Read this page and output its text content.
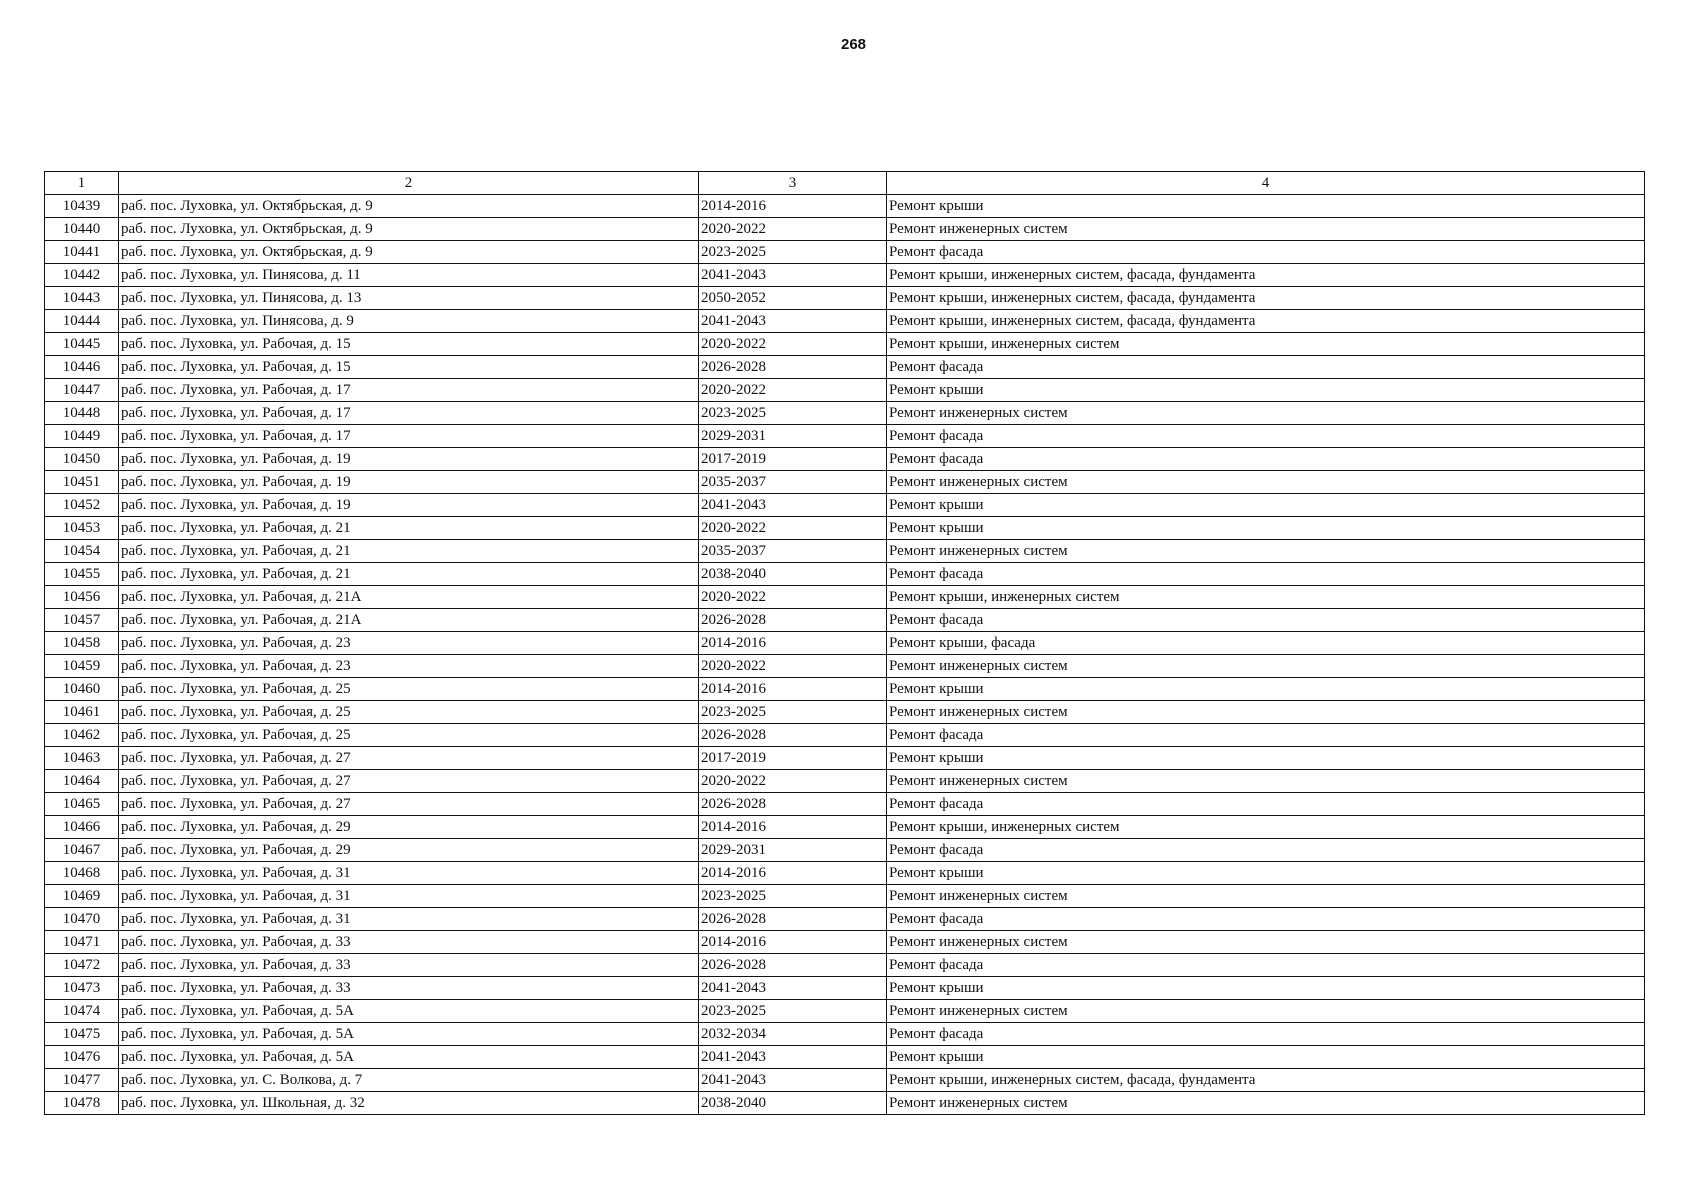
268
1	2	3	4
10439	раб. пос. Луховка, ул. Октябрьская, д. 9	2014-2016	Ремонт крыши
10440	раб. пос. Луховка, ул. Октябрьская, д. 9	2020-2022	Ремонт инженерных систем
10441	раб. пос. Луховка, ул. Октябрьская, д. 9	2023-2025	Ремонт фасада
10442	раб. пос. Луховка, ул. Пинясова, д. 11	2041-2043	Ремонт крыши, инженерных систем, фасада, фундамента
10443	раб. пос. Луховка, ул. Пинясова, д. 13	2050-2052	Ремонт крыши, инженерных систем, фасада, фундамента
10444	раб. пос. Луховка, ул. Пинясова, д. 9	2041-2043	Ремонт крыши, инженерных систем, фасада, фундамента
10445	раб. пос. Луховка, ул. Рабочая, д. 15	2020-2022	Ремонт крыши, инженерных систем
10446	раб. пос. Луховка, ул. Рабочая, д. 15	2026-2028	Ремонт фасада
10447	раб. пос. Луховка, ул. Рабочая, д. 17	2020-2022	Ремонт крыши
10448	раб. пос. Луховка, ул. Рабочая, д. 17	2023-2025	Ремонт инженерных систем
10449	раб. пос. Луховка, ул. Рабочая, д. 17	2029-2031	Ремонт фасада
10450	раб. пос. Луховка, ул. Рабочая, д. 19	2017-2019	Ремонт фасада
10451	раб. пос. Луховка, ул. Рабочая, д. 19	2035-2037	Ремонт инженерных систем
10452	раб. пос. Луховка, ул. Рабочая, д. 19	2041-2043	Ремонт крыши
10453	раб. пос. Луховка, ул. Рабочая, д. 21	2020-2022	Ремонт крыши
10454	раб. пос. Луховка, ул. Рабочая, д. 21	2035-2037	Ремонт инженерных систем
10455	раб. пос. Луховка, ул. Рабочая, д. 21	2038-2040	Ремонт фасада
10456	раб. пос. Луховка, ул. Рабочая, д. 21А	2020-2022	Ремонт крыши, инженерных систем
10457	раб. пос. Луховка, ул. Рабочая, д. 21А	2026-2028	Ремонт фасада
10458	раб. пос. Луховка, ул. Рабочая, д. 23	2014-2016	Ремонт крыши, фасада
10459	раб. пос. Луховка, ул. Рабочая, д. 23	2020-2022	Ремонт инженерных систем
10460	раб. пос. Луховка, ул. Рабочая, д. 25	2014-2016	Ремонт крыши
10461	раб. пос. Луховка, ул. Рабочая, д. 25	2023-2025	Ремонт инженерных систем
10462	раб. пос. Луховка, ул. Рабочая, д. 25	2026-2028	Ремонт фасада
10463	раб. пос. Луховка, ул. Рабочая, д. 27	2017-2019	Ремонт крыши
10464	раб. пос. Луховка, ул. Рабочая, д. 27	2020-2022	Ремонт инженерных систем
10465	раб. пос. Луховка, ул. Рабочая, д. 27	2026-2028	Ремонт фасада
10466	раб. пос. Луховка, ул. Рабочая, д. 29	2014-2016	Ремонт крыши, инженерных систем
10467	раб. пос. Луховка, ул. Рабочая, д. 29	2029-2031	Ремонт фасада
10468	раб. пос. Луховка, ул. Рабочая, д. 31	2014-2016	Ремонт крыши
10469	раб. пос. Луховка, ул. Рабочая, д. 31	2023-2025	Ремонт инженерных систем
10470	раб. пос. Луховка, ул. Рабочая, д. 31	2026-2028	Ремонт фасада
10471	раб. пос. Луховка, ул. Рабочая, д. 33	2014-2016	Ремонт инженерных систем
10472	раб. пос. Луховка, ул. Рабочая, д. 33	2026-2028	Ремонт фасада
10473	раб. пос. Луховка, ул. Рабочая, д. 33	2041-2043	Ремонт крыши
10474	раб. пос. Луховка, ул. Рабочая, д. 5А	2023-2025	Ремонт инженерных систем
10475	раб. пос. Луховка, ул. Рабочая, д. 5А	2032-2034	Ремонт фасада
10476	раб. пос. Луховка, ул. Рабочая, д. 5А	2041-2043	Ремонт крыши
10477	раб. пос. Луховка, ул. С. Волкова, д. 7	2041-2043	Ремонт крыши, инженерных систем, фасада, фундамента
10478	раб. пос. Луховка, ул. Школьная, д. 32	2038-2040	Ремонт инженерных систем
